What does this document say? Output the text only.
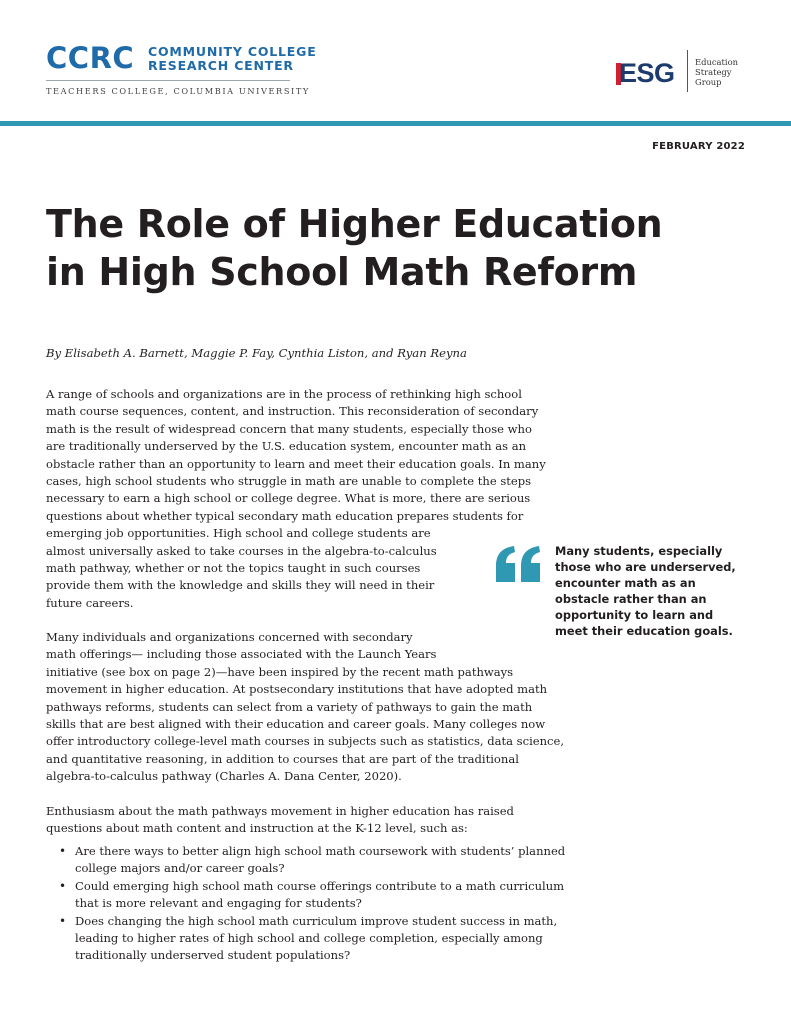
CCRC COMMUNITY COLLEGE
RESEARCH CENTER
TEACHERS COLLEGE, COLUMBIA UNIVERSITY
ESG Education
Strategy
Group
FEBRUARY 2022
The Role of Higher Education
in High School Math Reform
By Elisabeth A. Barnett, Maggie P. Fay, Cynthia Liston, and Ryan Reyna
A range of schools and organizations are in the process of rethinking high school
math course sequences, content, and instruction. This reconsideration of secondary
math is the result of widespread concern that many students, especially those who
are traditionally underserved by the U.S. education system, encounter math as an
obstacle rather than an opportunity to learn and meet their education goals. In many
cases, high school students who struggle in math are unable to complete the steps
necessary to earn a high school or college degree. What is more, there are serious
questions about whether typical secondary math education prepares students for
emerging job opportunities. High school and college students are
almost universally asked to take courses in the algebra-to-calculus
math pathway, whether or not the topics taught in such courses
provide them with the knowledge and skills they will need in their
future careers.
Many students, especially
those who are underserved,
encounter math as an
obstacle rather than an
opportunity to learn and
meet their education goals.
Many individuals and organizations concerned with secondary
math offerings— including those associated with the Launch Years
initiative (see box on page 2)—have been inspired by the recent math pathways
movement in higher education. At postsecondary institutions that have adopted math
pathways reforms, students can select from a variety of pathways to gain the math
skills that are best aligned with their education and career goals. Many colleges now
offer introductory college-level math courses in subjects such as statistics, data science,
and quantitative reasoning, in addition to courses that are part of the traditional
algebra-to-calculus pathway (Charles A. Dana Center, 2020).
Enthusiasm about the math pathways movement in higher education has raised
questions about math content and instruction at the K-12 level, such as:
• Are there ways to better align high school math coursework with students’ planned
college majors and/or career goals?
• Could emerging high school math course offerings contribute to a math curriculum
that is more relevant and engaging for students?
• Does changing the high school math curriculum improve student success in math,
leading to higher rates of high school and college completion, especially among
traditionally underserved student populations?
